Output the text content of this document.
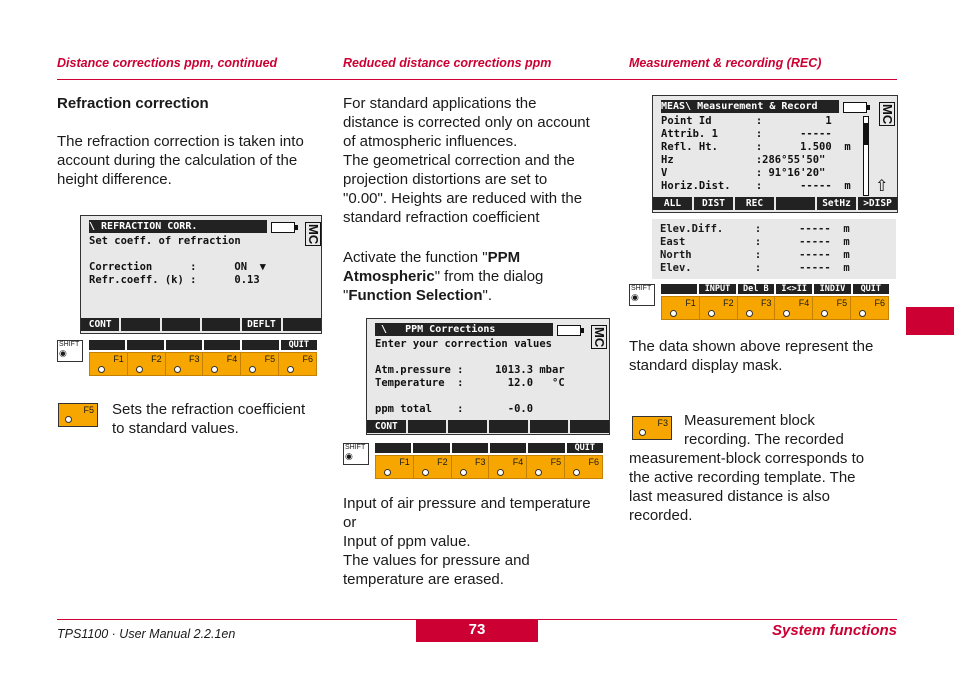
Distance corrections ppm, continued	Reduced distance corrections ppm	Measurement & recording (REC)
Refraction correction
The refraction correction is taken into
account during the calculation of the
height difference.
\ REFRACTION CORR.	MC
Set coeff. of refraction
Correction      :      ON  ▼
Refr.coeff. (k) :      0.13
CONT	DEFLT
SHIFT
◉
QUIT
F1	F2	F3	F4	F5	F6
F5 Sets the refraction coefficient
to standard values.
For standard applications the
distance is corrected only on account
of atmospheric influences.
The geometrical correction and the
projection distortions are set to
"0.00". Heights are reduced with the
standard refraction coefficient
Activate the function "PPM
Atmospheric" from the dialog
"Function Selection".
\   PPM Corrections	MC
Enter your correction values
Atm.pressure :     1013.3 mbar
Temperature  :       12.0   °C
ppm total    :       -0.0
CONT
SHIFT
◉
QUIT
F1	F2	F3	F4	F5	F6
Input of air pressure and temperature
or
Input of ppm value.
The values for pressure and
temperature are erased.
MEAS\ Measurement & Record	MC
⇧
Point Id       :          1
Attrib. 1      :      -----
Refl. Ht.      :      1.500  m
Hz             :286°55'50"
V              : 91°16'20"
Horiz.Dist.    :      -----  m
ALL	DIST	REC	SetHz	>DISP
Elev.Diff.     :      -----  m
East           :      -----  m
North          :      -----  m
Elev.          :      -----  m
SHIFT
◉
INPUT	Del B	I<>II	INDIV	QUIT
F1	F2	F3	F4	F5	F6
The data shown above represent the
standard display mask.
F3 Measurement block
recording. The recorded
measurement-block corresponds to
the active recording template. The
last measured distance is also
recorded.
TPS1100 · User Manual 2.2.1en	73	System functions
